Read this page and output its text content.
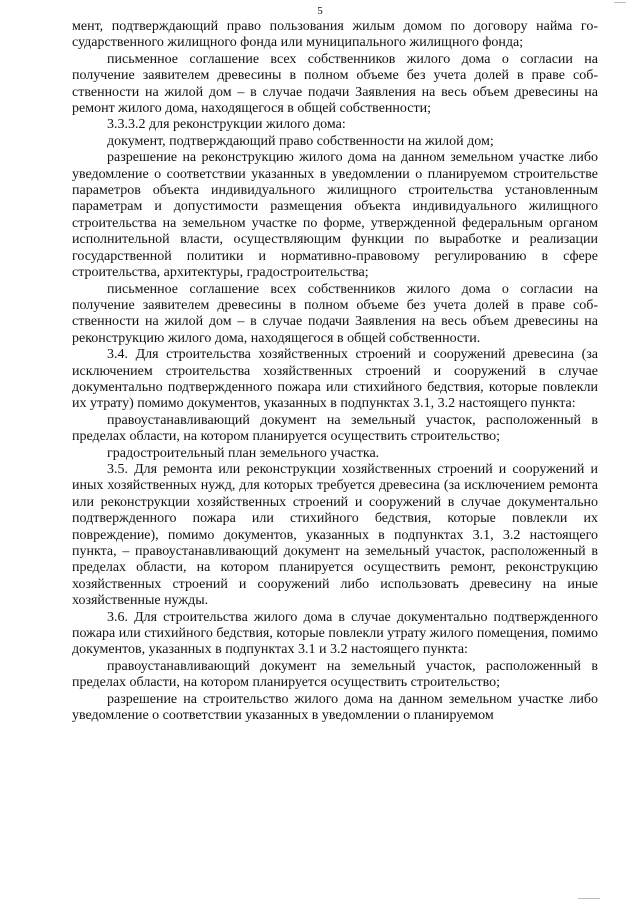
5

мент, подтверждающий право пользования жилым домом по договору найма государственного жилищного фонда или муниципального жилищного фонда;

письменное соглашение всех собственников жилого дома о согласии на получение заявителем древесины в полном объеме без учета долей в праве собственности на жилой дом – в случае подачи Заявления на весь объем древесины на ремонт жилого дома, находящегося в общей собственности;

3.3.3.2 для реконструкции жилого дома:

документ, подтверждающий право собственности на жилой дом;

разрешение на реконструкцию жилого дома на данном земельном участке либо уведомление о соответствии указанных в уведомлении о планируемом строительстве параметров объекта индивидуального жилищного строительства установленным параметрам и допустимости размещения объекта индивидуального жилищного строительства на земельном участке по форме, утвержденной федеральным органом исполнительной власти, осуществляющим функции по выработке и реализации государственной политики и нормативно-правовому регулированию в сфере строительства, архитектуры, градостроительства;

письменное соглашение всех собственников жилого дома о согласии на получение заявителем древесины в полном объеме без учета долей в праве собственности на жилой дом – в случае подачи Заявления на весь объем древесины на реконструкцию жилого дома, находящегося в общей собственности.

3.4. Для строительства хозяйственных строений и сооружений древесина (за исключением строительства хозяйственных строений и сооружений в случае документально подтвержденного пожара или стихийного бедствия, которые повлекли их утрату) помимо документов, указанных в подпунктах 3.1, 3.2 настоящего пункта:

правоустанавливающий документ на земельный участок, расположенный в пределах области, на котором планируется осуществить строительство;

градостроительный план земельного участка.

3.5. Для ремонта или реконструкции хозяйственных строений и сооружений и иных хозяйственных нужд, для которых требуется древесина (за исключением ремонта или реконструкции хозяйственных строений и сооружений в случае документально подтвержденного пожара или стихийного бедствия, которые повлекли их повреждение), помимо документов, указанных в подпунктах 3.1, 3.2 настоящего пункта, – правоустанавливающий документ на земельный участок, расположенный в пределах области, на котором планируется осуществить ремонт, реконструкцию хозяйственных строений и сооружений либо использовать древесину на иные хозяйственные нужды.

3.6. Для строительства жилого дома в случае документально подтвержденного пожара или стихийного бедствия, которые повлекли утрату жилого помещения, помимо документов, указанных в подпунктах 3.1 и 3.2 настоящего пункта:

правоустанавливающий документ на земельный участок, расположенный в пределах области, на котором планируется осуществить строительство;

разрешение на строительство жилого дома на данном земельном участке либо уведомление о соответствии указанных в уведомлении о планируемом
